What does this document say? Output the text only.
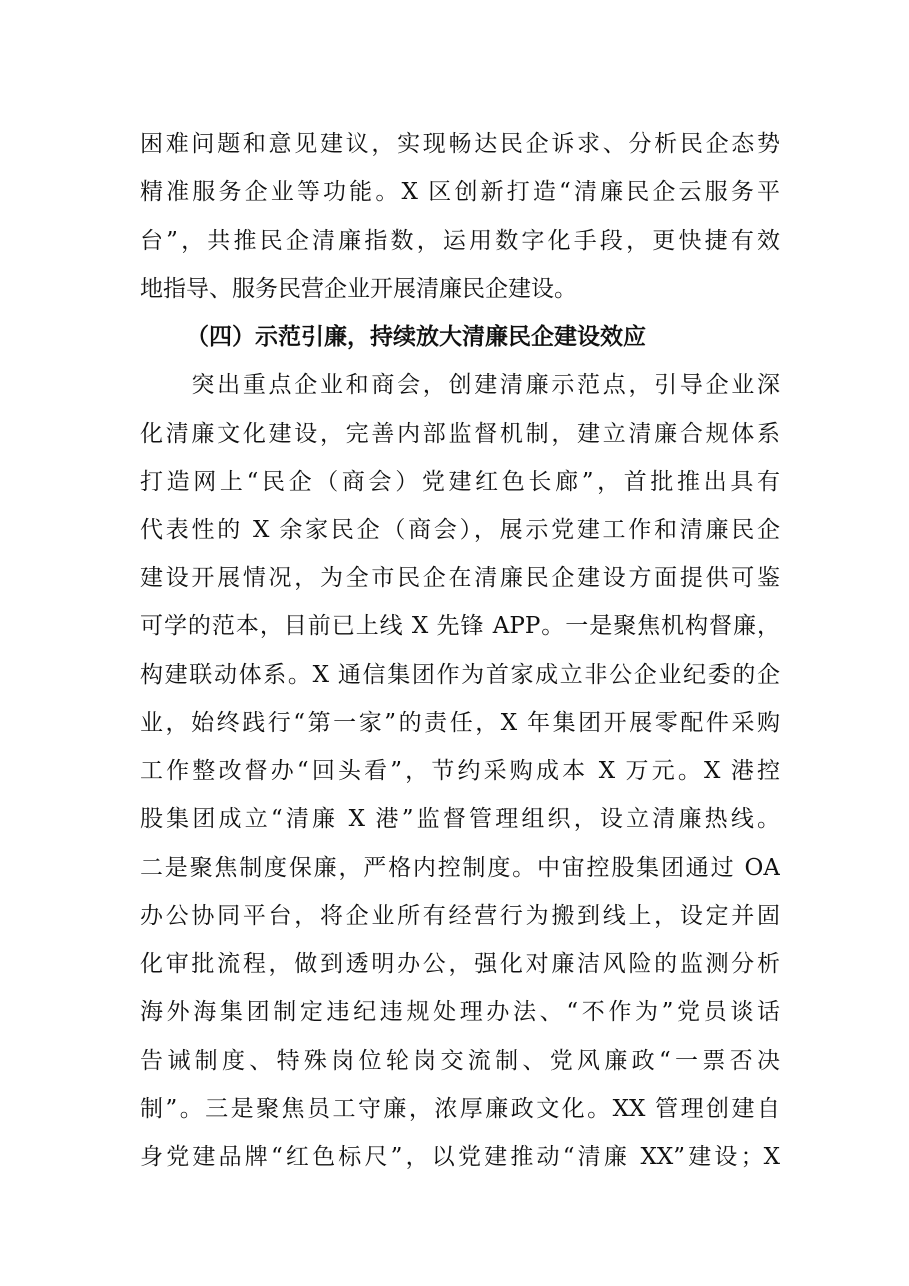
困难问题和意见建议，实现畅达民企诉求、分析民企态势
精准服务企业等功能。X 区创新打造“清廉民企云服务平
台”，共推民企清廉指数，运用数字化手段，更快捷有效
地指导、服务民营企业开展清廉民企建设。
（四）示范引廉，持续放大清廉民企建设效应
　　突出重点企业和商会，创建清廉示范点，引导企业深
化清廉文化建设，完善内部监督机制，建立清廉合规体系
打造网上“民企（商会）党建红色长廊”，首批推出具有
代表性的 X 余家民企（商会），展示党建工作和清廉民企
建设开展情况，为全市民企在清廉民企建设方面提供可鉴
可学的范本，目前已上线 X 先锋 APP。一是聚焦机构督廉，
构建联动体系。X 通信集团作为首家成立非公企业纪委的企
业，始终践行“第一家”的责任，X 年集团开展零配件采购
工作整改督办“回头看”，节约采购成本 X 万元。X 港控
股集团成立“清廉 X 港”监督管理组织，设立清廉热线。
二是聚焦制度保廉，严格内控制度。中宙控股集团通过 OA
办公协同平台，将企业所有经营行为搬到线上，设定并固
化审批流程，做到透明办公，强化对廉洁风险的监测分析
海外海集团制定违纪违规处理办法、“不作为”党员谈话
告诫制度、特殊岗位轮岗交流制、党风廉政“一票否决
制”。三是聚焦员工守廉，浓厚廉政文化。XX 管理创建自
身党建品牌“红色标尺”，以党建推动“清廉 XX”建设；X
